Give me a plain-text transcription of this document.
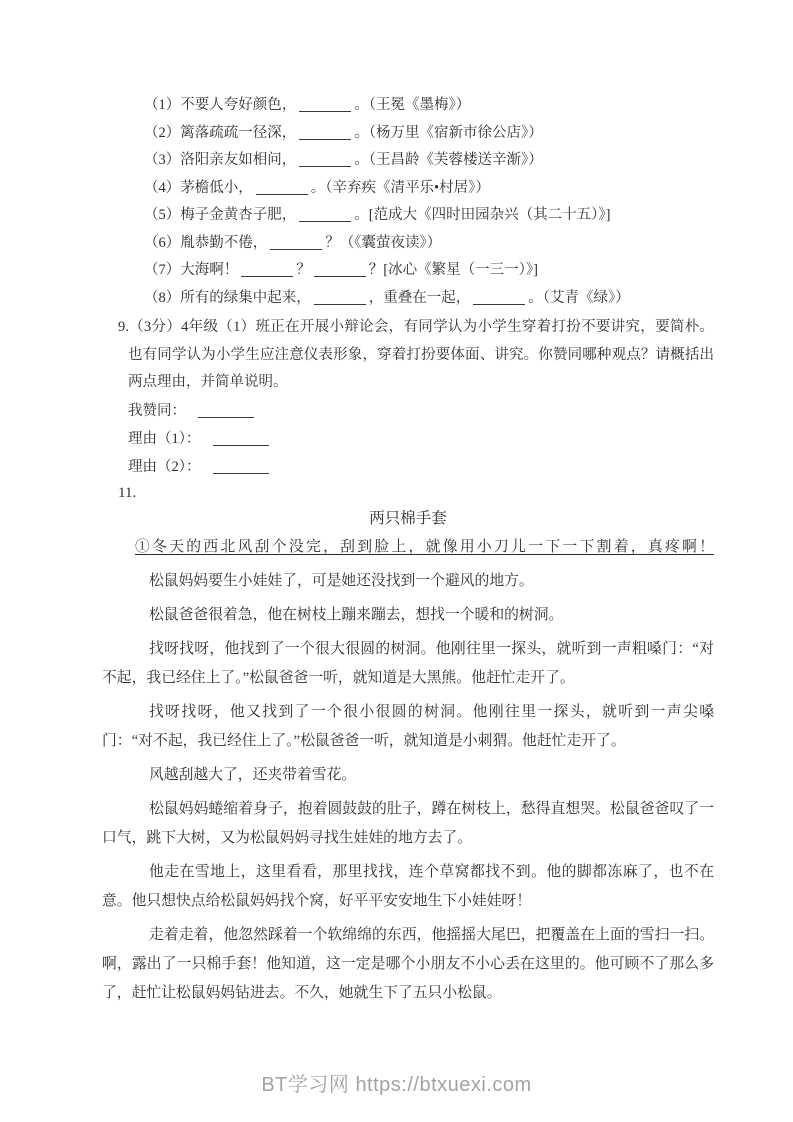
（1）不要人夸好颜色，	。（王冕《墨梅》）
（2）篱落疏疏一径深，	。（杨万里《宿新市徐公店》）
（3）洛阳亲友如相问，	。（王昌龄《芙蓉楼送辛渐》）
（4）茅檐低小，	。（辛弃疾《清平乐•村居》）
（5）梅子金黄杏子肥，	。[范成大《四时田园杂兴（其二十五）》]
（6）胤恭勤不倦，	？（《囊萤夜读》）
（7）大海啊！	？	？[冰心《繁星（一三一）》]
（8）所有的绿集中起来，	，重叠在一起，	。（艾青《绿》）
9.（3分）4年级（1）班正在开展小辩论会，有同学认为小学生穿着打扮不要讲究，要简朴。也有同学认为小学生应注意仪表形象，穿着打扮要体面、讲究。你赞同哪种观点？请概括出两点理由，并简单说明。
我赞同：
理由（1）：
理由（2）：
11.
两只棉手套

①冬天的西北风刮个没完，刮到脸上，就像用小刀儿一下一下割着，真疼啊！

松鼠妈妈要生小娃娃了，可是她还没找到一个避风的地方。

松鼠爸爸很着急，他在树枝上蹦来蹦去，想找一个暖和的树洞。

找呀找呀，他找到了一个很大很圆的树洞。他刚往里一探头，就听到一声粗嗓门：“对不起，我已经住上了。”松鼠爸爸一听，就知道是大黑熊。他赶忙走开了。

找呀找呀，他又找到了一个很小很圆的树洞。他刚往里一探头，就听到一声尖嗓门：“对不起，我已经住上了。”松鼠爸爸一听，就知道是小刺猬。他赶忙走开了。

风越刮越大了，还夹带着雪花。

松鼠妈妈蜷缩着身子，抱着圆鼓鼓的肚子，蹲在树枝上，愁得直想哭。松鼠爸爸叹了一口气，跳下大树，又为松鼠妈妈寻找生娃娃的地方去了。

他走在雪地上，这里看看，那里找找，连个草窝都找不到。他的脚都冻麻了，也不在意。他只想快点给松鼠妈妈找个窝，好平平安安地生下小娃娃呀！

走着走着，他忽然踩着一个软绵绵的东西，他摇摇大尾巴，把覆盖在上面的雪扫一扫。啊，露出了一只棉手套！他知道，这一定是哪个小朋友不小心丢在这里的。他可顾不了那么多了，赶忙让松鼠妈妈钻进去。不久，她就生下了五只小松鼠。

BT学习网 https://btxuexi.com
